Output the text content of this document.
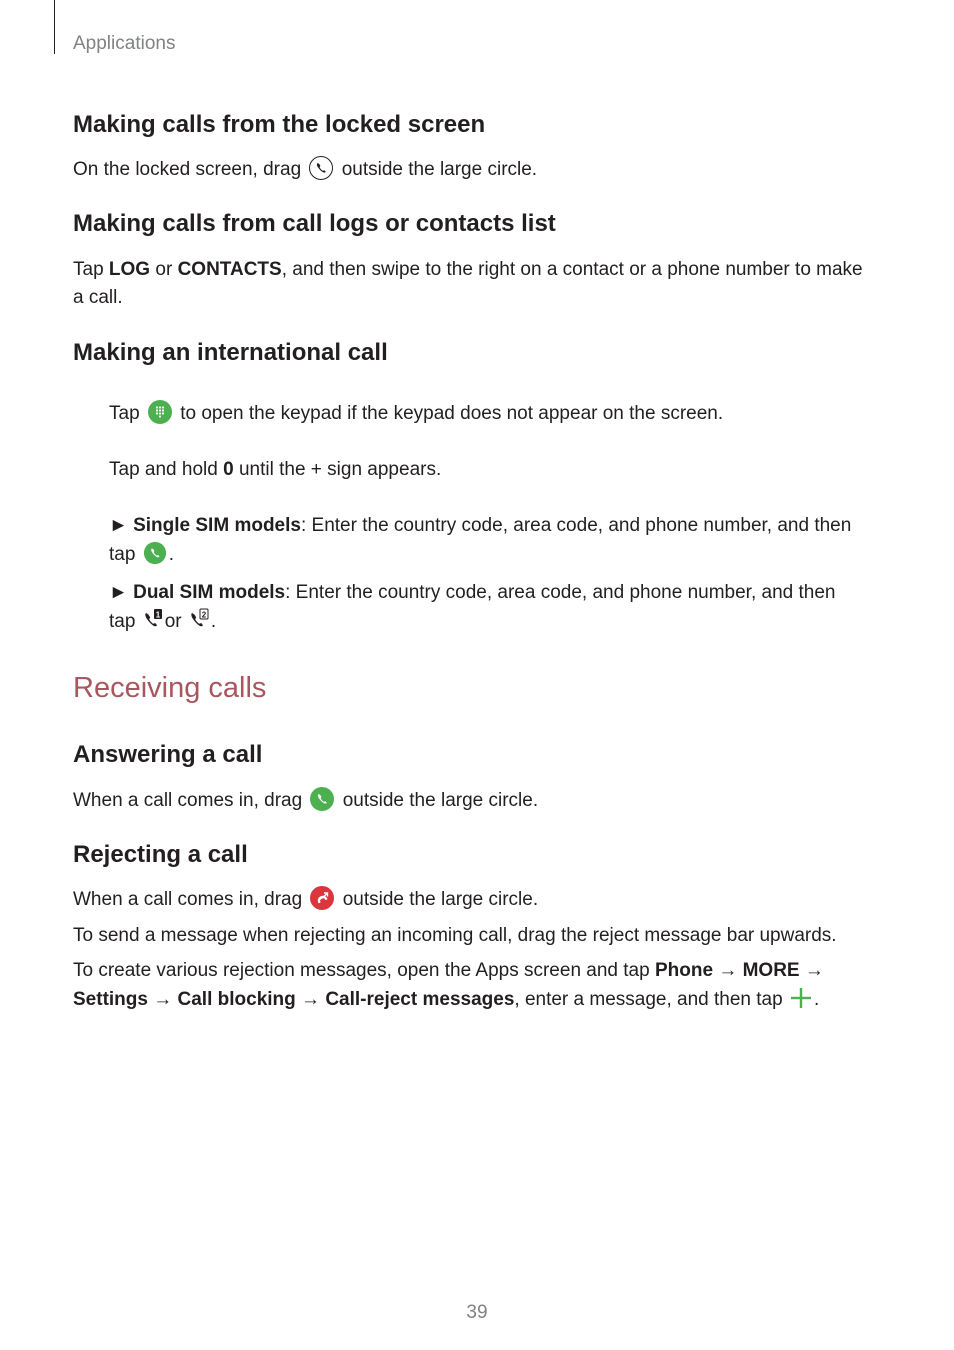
Applications
Making calls from the locked screen

On the locked screen, drag outside the large circle.

Making calls from call logs or contacts list

Tap LOG or CONTACTS, and then swipe to the right on a contact or a phone number to make

a call.

Making an international call

Tap to open the keypad if the keypad does not appear on the screen.

Tap and hold 0 until the + sign appears.

► Single SIM models: Enter the country code, area code, and phone number, and then

tap .

► Dual SIM models: Enter the country code, area code, and phone number, and then

tap	1 or	2 .

Receiving calls
Answering a call

When a call comes in, drag outside the large circle.

Rejecting a call

When a call comes in, drag outside the large circle.

To send a message when rejecting an incoming call, drag the reject message bar upwards.

To create various rejection messages, open the Apps screen and tap Phone → MORE →

Settings → Call blocking → Call-reject messages, enter a message, and then tap .

39
